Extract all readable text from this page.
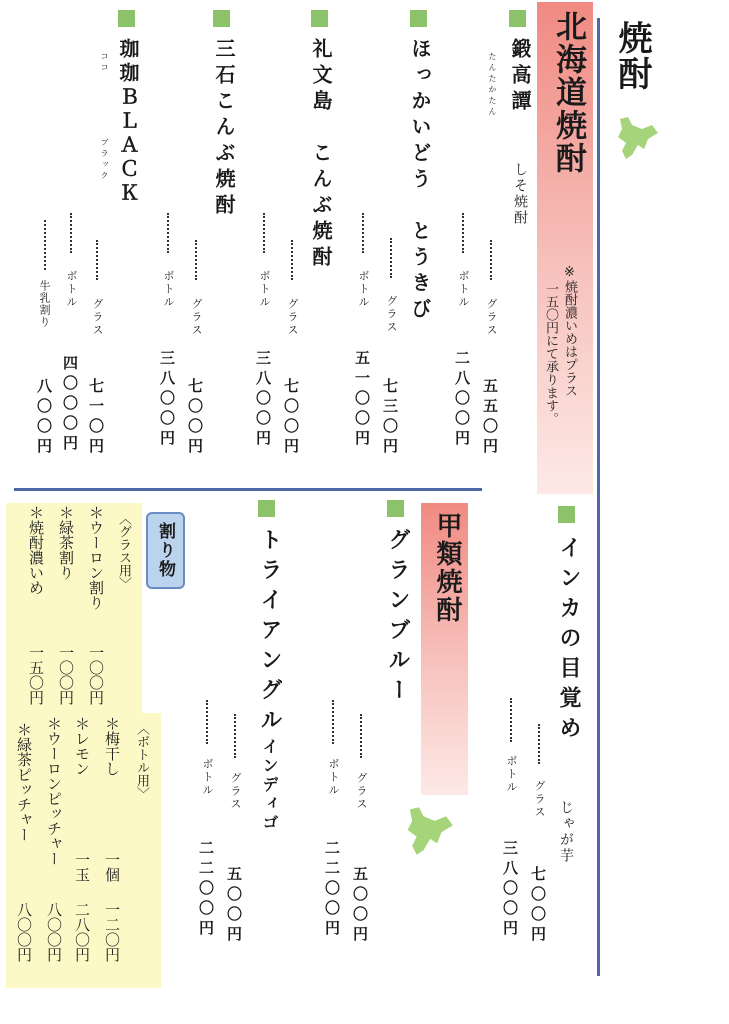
焼酎
北海道焼酎
※焼酎濃いめはプラス
一五〇円にて承ります。
鍛高譚
たんたかたん
しそ焼酎
グラス
五五〇円
ボトル
二八〇〇円
ほっかいどう　とうきび
グラス
七三〇円
ボトル
五一〇〇円
礼文島　こんぶ焼酎
グラス
七〇〇円
ボトル
三八〇〇円
三石こんぶ焼酎
グラス
七〇〇円
ボトル
三八〇〇円
珈珈ＢＬＡＣＫ
ココ
ブラック
グラス
七一〇円
ボトル
四〇〇〇円
牛乳割り
八〇〇円
甲類焼酎	インカの目覚め
じゃが芋
グラス
七〇〇円
ボトル
三八〇〇円
グランブルー
グラス
五〇〇円
ボトル
二二〇〇円
トライアングルインディゴ
グラス
五〇〇円
ボトル
二二〇〇円
割り物
〈グラス用〉
＊ウーロン割り
一〇〇円
＊緑茶割り
一〇〇円
＊焼酎濃いめ
一五〇円
〈ボトル用〉
＊梅干し
一個
一二〇円
＊レモン
一玉
二八〇円
＊ウーロンピッチャー
八〇〇円
＊緑茶ピッチャー
八〇〇円
